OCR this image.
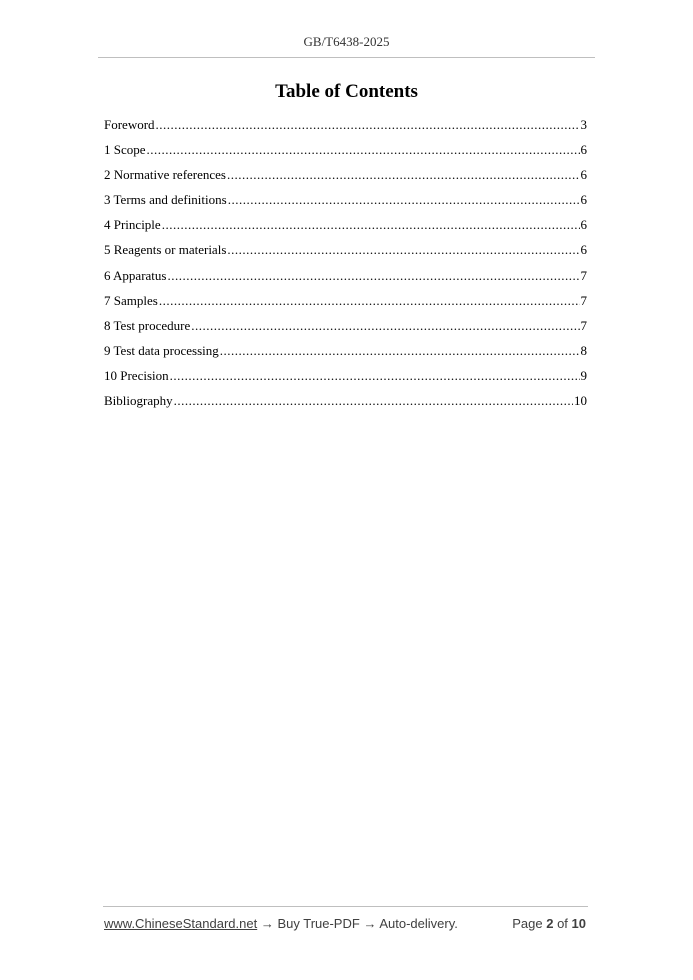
GB/T6438-2025
Table of Contents
Foreword .....	3
1 Scope .....	6
2 Normative references .....	6
3 Terms and definitions .....	6
4 Principle .....	6
5 Reagents or materials .....	6
6 Apparatus .....	7
7 Samples .....	7
8 Test procedure .....	7
9 Test data processing .....	8
10 Precision .....	9
Bibliography .....	10
www.ChineseStandard.net → Buy True-PDF → Auto-delivery.	Page 2 of 10
